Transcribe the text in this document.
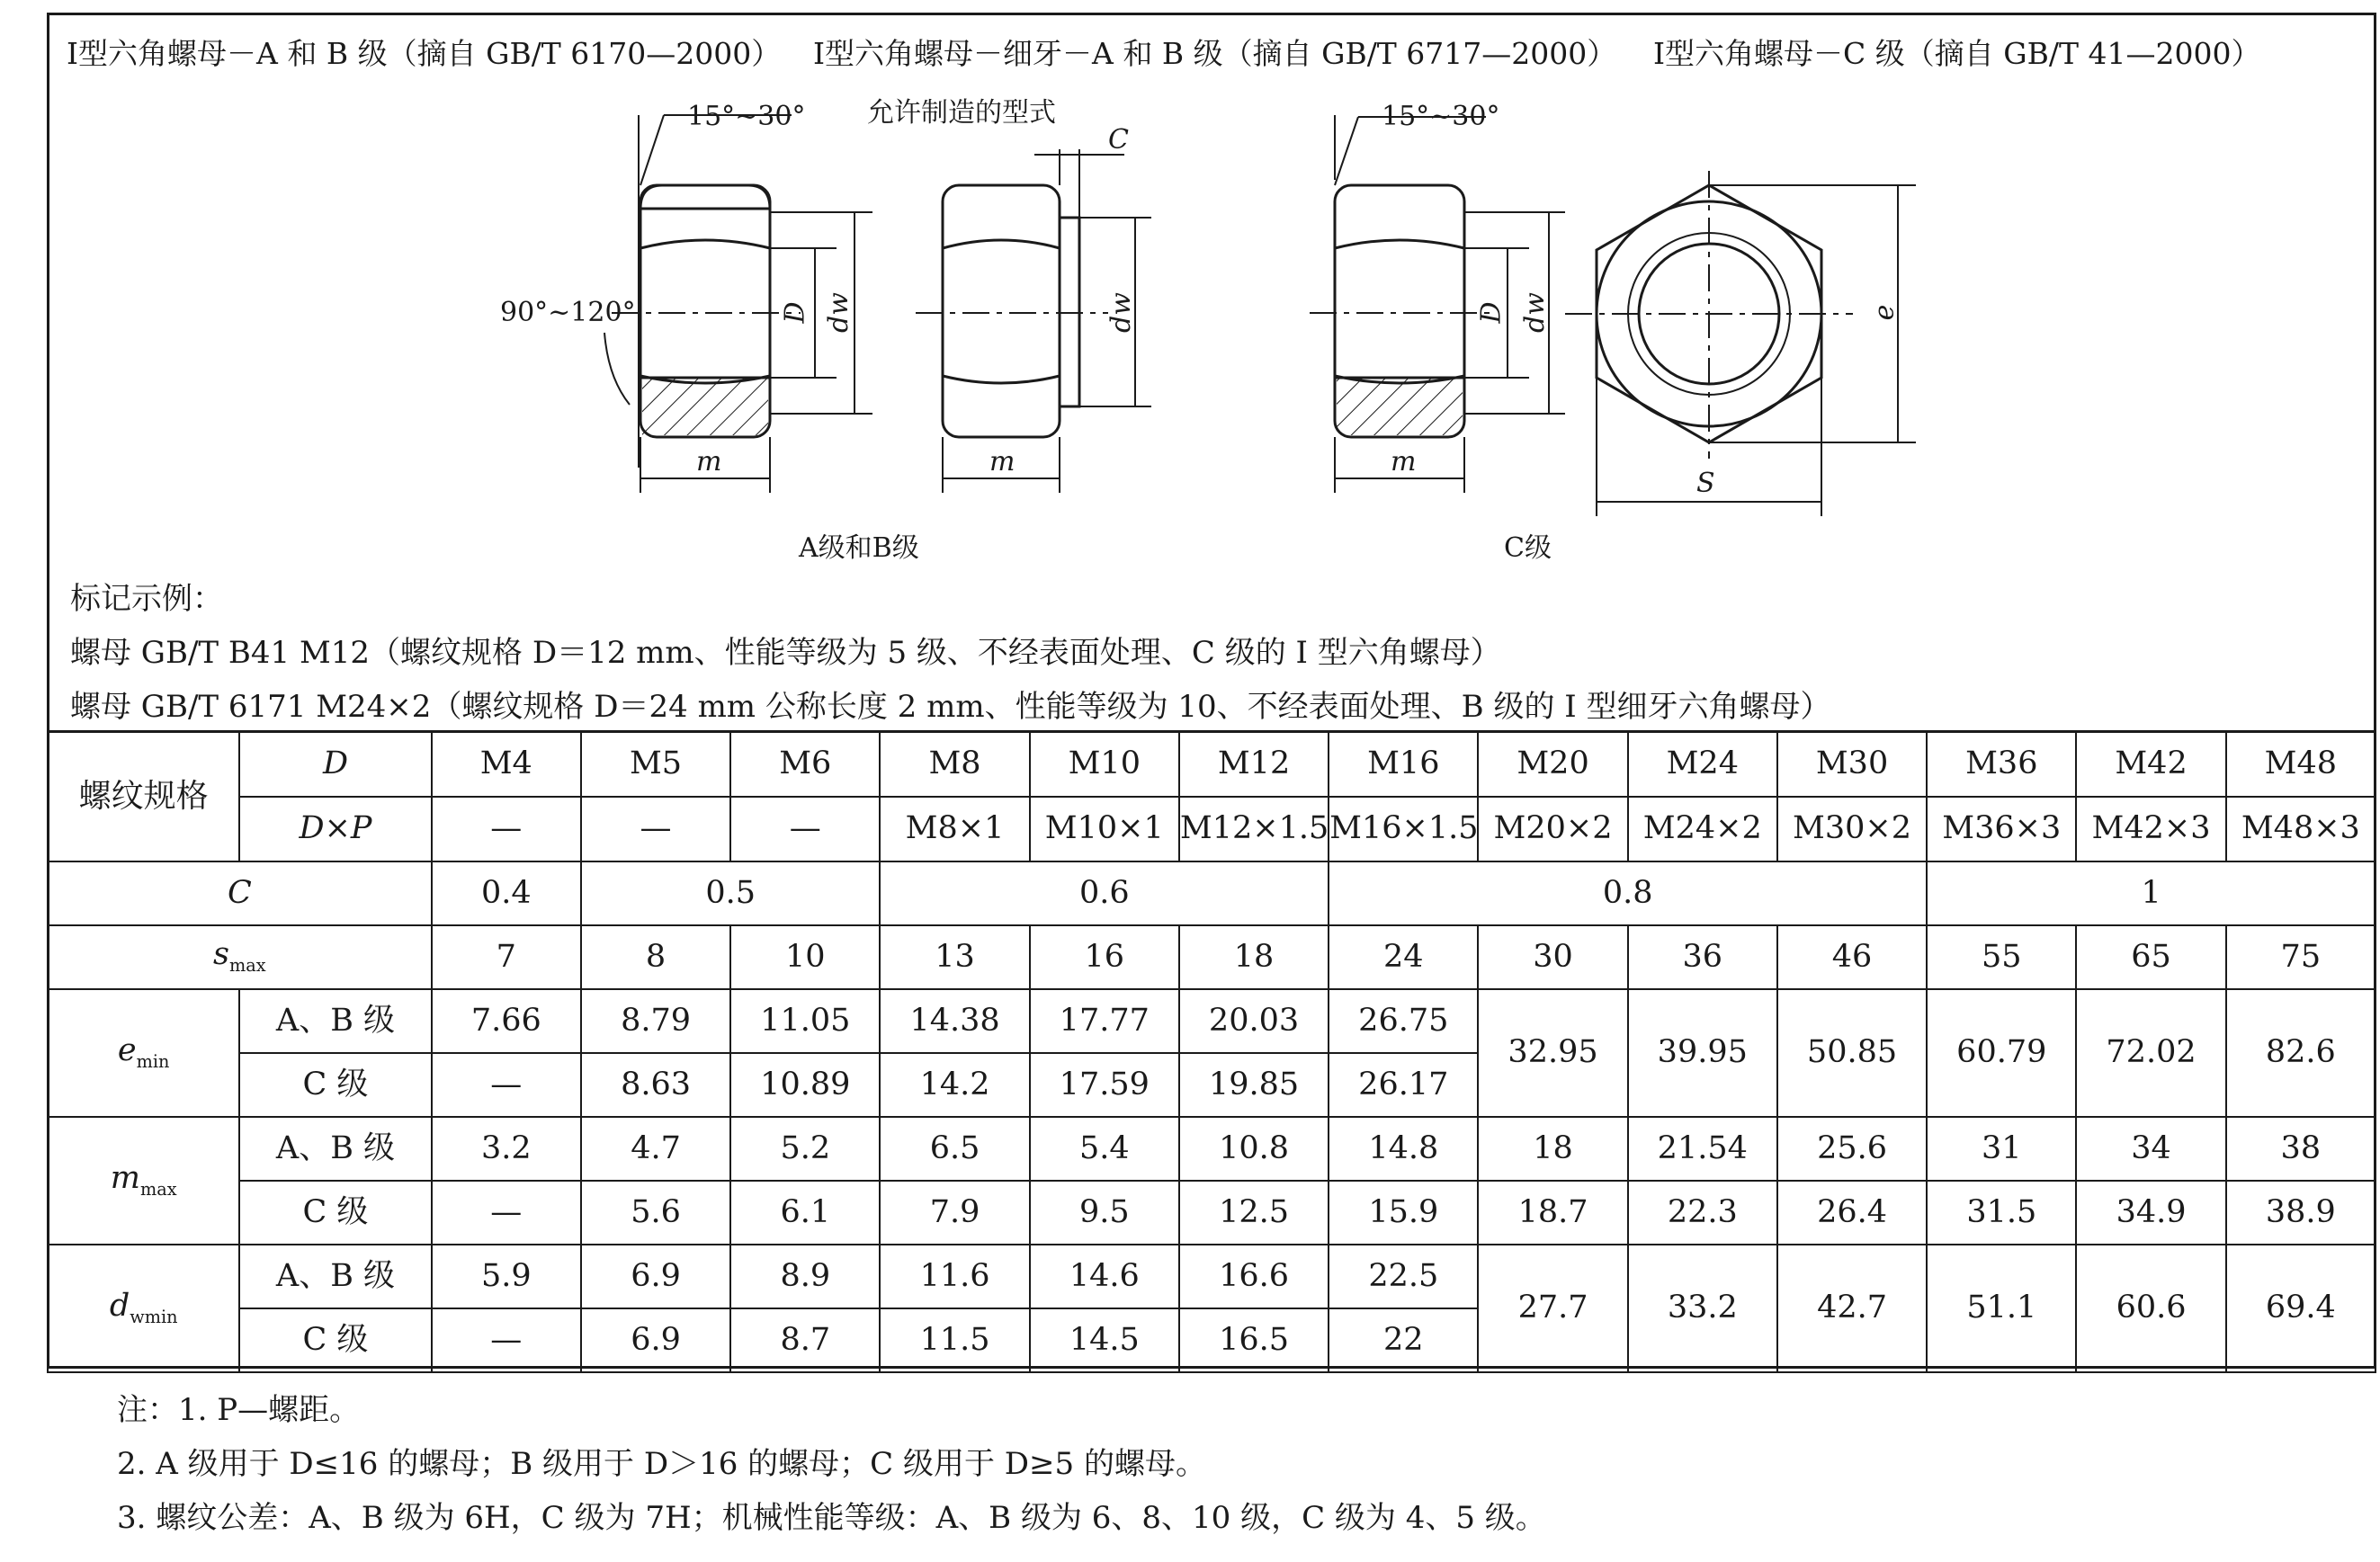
Ⅰ型六角螺母－A 和 B 级（摘自 GB/T 6170—2000） Ⅰ型六角螺母－细牙－A 和 B 级（摘自 GB/T 6717—2000） Ⅰ型六角螺母－C 级（摘自 GB/T 41—2000）
允许制造的型式
15°~30°	15°~30°
90°~120°
C
D dw	dw	D dw	e
m	m	m
S
A级和B级	C级
标记示例：
螺母 GB/T B41 M12（螺纹规格 D＝12 mm、性能等级为 5 级、不经表面处理、C 级的 Ⅰ 型六角螺母）
螺母 GB/T 6171 M24×2（螺纹规格 D＝24 mm 公称长度 2 mm、性能等级为 10、不经表面处理、B 级的 Ⅰ 型细牙六角螺母）
螺纹规格	D	M4	M5	M6	M8	M10	M12	M16	M20	M24	M30	M36	M42	M48
	D×P	—	—	—	M8×1	M10×1	M12×1.5	M16×1.5	M20×2	M24×2	M30×2	M36×3	M42×3	M48×3
C		0.4	0.5		0.6			0.8				1		
$s_{max}$		7	8	10	13	16	18	24	30	36	46	55	65	75
$e_{min}$	A、B 级	7.66	8.79	11.05	14.38	17.77	20.03	26.75	32.95	39.95	50.85	60.79	72.02	82.6
	C 级	—	8.63	10.89	14.2	17.59	19.85	26.17						
$m_{max}$	A、B 级	3.2	4.7	5.2	6.5	5.4	10.8	14.8	18	21.54	25.6	31	34	38
	C 级	—	5.6	6.1	7.9	9.5	12.5	15.9	18.7	22.3	26.4	31.5	34.9	38.9
$d_{wmin}$	A、B 级	5.9	6.9	8.9	11.6	14.6	16.6	22.5	27.7	33.2	42.7	51.1	60.6	69.4
	C 级	—	6.9	8.7	11.5	14.5	16.5	22						
注：1. P—螺距。
2. A 级用于 D≤16 的螺母；B 级用于 D＞16 的螺母；C 级用于 D≥5 的螺母。
3. 螺纹公差：A、B 级为 6H，C 级为 7H；机械性能等级：A、B 级为 6、8、10 级，C 级为 4、5 级。
